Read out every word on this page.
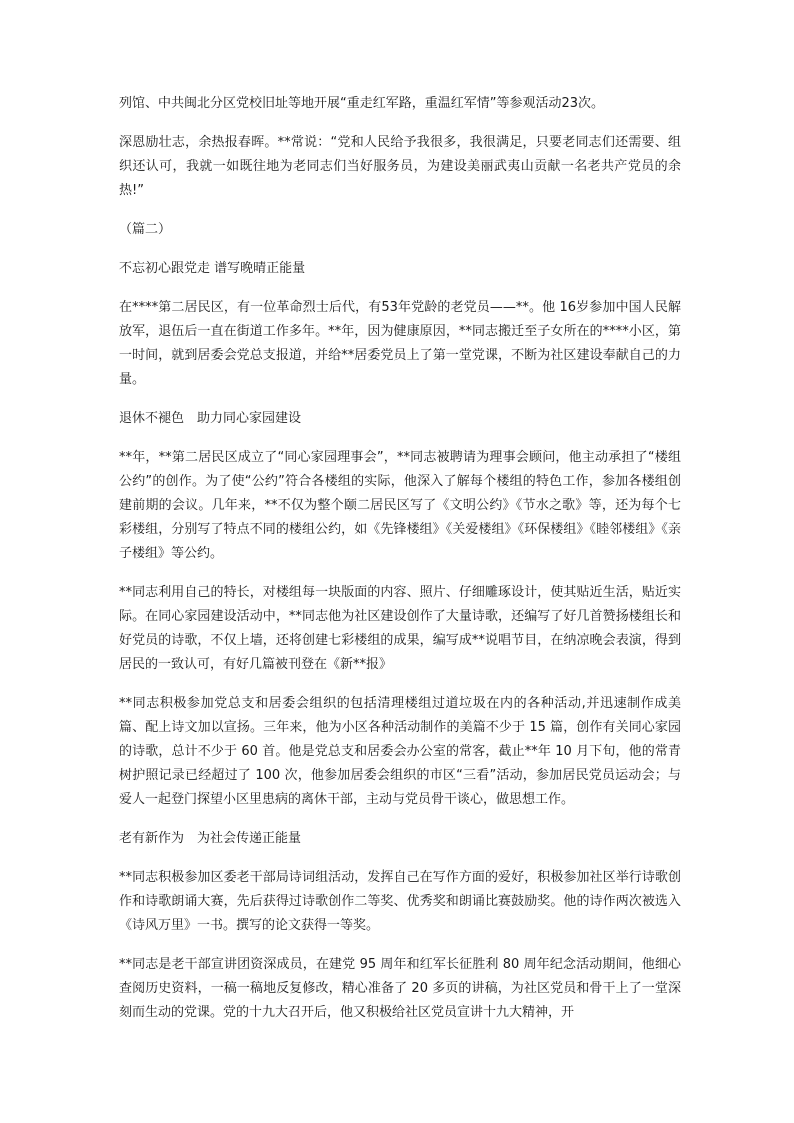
列馆、中共闽北分区党校旧址等地开展“重走红军路，重温红军情”等参观活动23次。

深恩励壮志，余热报春晖。**常说：“党和人民给予我很多，我很满足，只要老同志们还需要、组织还认可，我就一如既往地为老同志们当好服务员，为建设美丽武夷山贡献一名老共产党员的余热!”

（篇二）

不忘初心跟党走 谱写晚晴正能量

在****第二居民区，有一位革命烈士后代，有53年党龄的老党员——**。他 16岁参加中国人民解放军，退伍后一直在街道工作多年。**年，因为健康原因，**同志搬迁至子女所在的****小区，第一时间，就到居委会党总支报道，并给**居委党员上了第一堂党课，不断为社区建设奉献自己的力量。

退休不褪色　助力同心家园建设

**年，**第二居民区成立了“同心家园理事会”，**同志被聘请为理事会顾问，他主动承担了“楼组公约”的创作。为了使“公约”符合各楼组的实际，他深入了解每个楼组的特色工作，参加各楼组创建前期的会议。几年来，**不仅为整个颐二居民区写了《文明公约》《节水之歌》等，还为每个七彩楼组，分别写了特点不同的楼组公约，如《先锋楼组》《关爱楼组》《环保楼组》《睦邻楼组》《亲子楼组》等公约。

**同志利用自己的特长，对楼组每一块版面的内容、照片、仔细雕琢设计，使其贴近生活，贴近实际。在同心家园建设活动中，**同志他为社区建设创作了大量诗歌，还编写了好几首赞扬楼组长和好党员的诗歌，不仅上墙，还将创建七彩楼组的成果，编写成**说唱节目，在纳凉晚会表演，得到居民的一致认可，有好几篇被刊登在《新**报》

**同志积极参加党总支和居委会组织的包括清理楼组过道垃圾在内的各种活动,并迅速制作成美篇、配上诗文加以宣扬。三年来，他为小区各种活动制作的美篇不少于 15 篇，创作有关同心家园的诗歌，总计不少于 60 首。他是党总支和居委会办公室的常客，截止**年 10 月下旬，他的常青树护照记录已经超过了 100 次，他参加居委会组织的市区“三看”活动，参加居民党员运动会；与爱人一起登门探望小区里患病的离休干部，主动与党员骨干谈心，做思想工作。

老有新作为　为社会传递正能量

**同志积极参加区委老干部局诗词组活动，发挥自己在写作方面的爱好，积极参加社区举行诗歌创作和诗歌朗诵大赛，先后获得过诗歌创作二等奖、优秀奖和朗诵比赛鼓励奖。他的诗作两次被选入《诗风万里》一书。撰写的论文获得一等奖。

**同志是老干部宣讲团资深成员，在建党 95 周年和红军长征胜利 80 周年纪念活动期间，他细心查阅历史资料，一稿一稿地反复修改，精心准备了 20 多页的讲稿，为社区党员和骨干上了一堂深刻而生动的党课。党的十九大召开后，他又积极给社区党员宣讲十九大精神，开
